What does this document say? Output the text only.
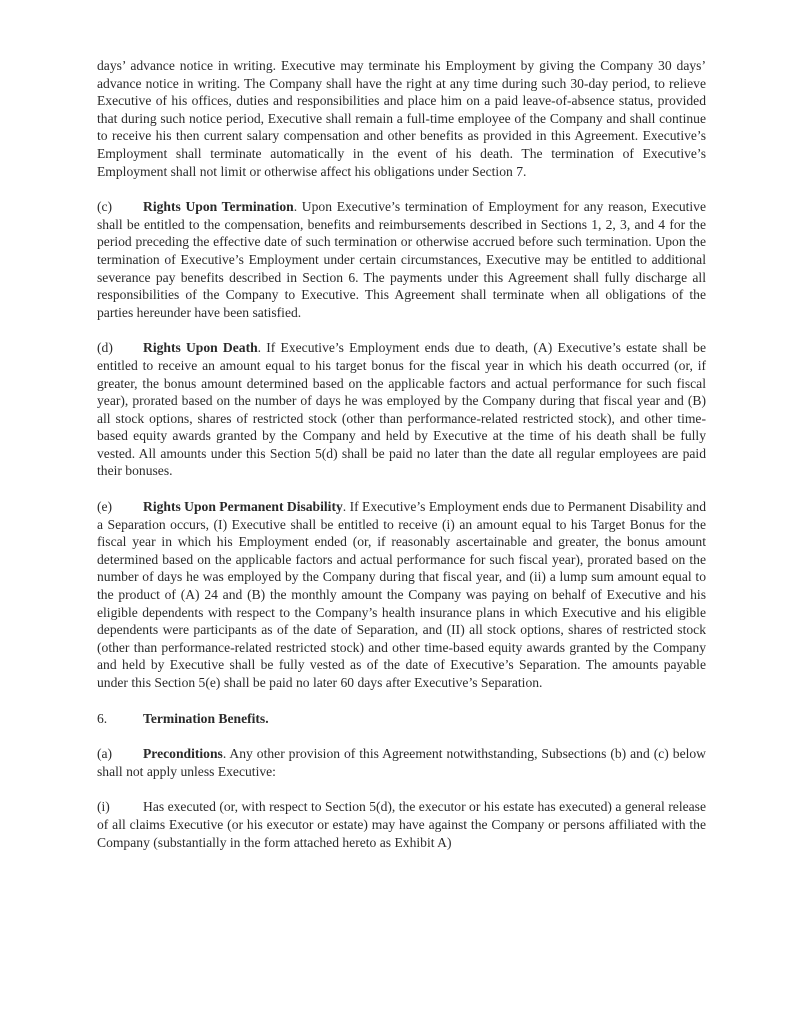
days’ advance notice in writing. Executive may terminate his Employment by giving the Company 30 days’ advance notice in writing. The Company shall have the right at any time during such 30-day period, to relieve Executive of his offices, duties and responsibilities and place him on a paid leave-of-absence status, provided that during such notice period, Executive shall remain a full-time employee of the Company and shall continue to receive his then current salary compensation and other benefits as provided in this Agreement. Executive’s Employment shall terminate automatically in the event of his death. The termination of Executive’s Employment shall not limit or otherwise affect his obligations under Section 7.

(c) Rights Upon Termination. Upon Executive’s termination of Employment for any reason, Executive shall be entitled to the compensation, benefits and reimbursements described in Sections 1, 2, 3, and 4 for the period preceding the effective date of such termination or otherwise accrued before such termination. Upon the termination of Executive’s Employment under certain circumstances, Executive may be entitled to additional severance pay benefits described in Section 6. The payments under this Agreement shall fully discharge all responsibilities of the Company to Executive. This Agreement shall terminate when all obligations of the parties hereunder have been satisfied.

(d) Rights Upon Death. If Executive’s Employment ends due to death, (A) Executive’s estate shall be entitled to receive an amount equal to his target bonus for the fiscal year in which his death occurred (or, if greater, the bonus amount determined based on the applicable factors and actual performance for such fiscal year), prorated based on the number of days he was employed by the Company during that fiscal year and (B) all stock options, shares of restricted stock (other than performance-related restricted stock), and other time-based equity awards granted by the Company and held by Executive at the time of his death shall be fully vested. All amounts under this Section 5(d) shall be paid no later than the date all regular employees are paid their bonuses.

(e) Rights Upon Permanent Disability. If Executive’s Employment ends due to Permanent Disability and a Separation occurs, (I) Executive shall be entitled to receive (i) an amount equal to his Target Bonus for the fiscal year in which his Employment ended (or, if reasonably ascertainable and greater, the bonus amount determined based on the applicable factors and actual performance for such fiscal year), prorated based on the number of days he was employed by the Company during that fiscal year, and (ii) a lump sum amount equal to the product of (A) 24 and (B) the monthly amount the Company was paying on behalf of Executive and his eligible dependents with respect to the Company’s health insurance plans in which Executive and his eligible dependents were participants as of the date of Separation, and (II) all stock options, shares of restricted stock (other than performance-related restricted stock) and other time-based equity awards granted by the Company and held by Executive shall be fully vested as of the date of Executive’s Separation. The amounts payable under this Section 5(e) shall be paid no later 60 days after Executive’s Separation.

6.	Termination Benefits.

(a) Preconditions. Any other provision of this Agreement notwithstanding, Subsections (b) and (c) below shall not apply unless Executive:

(i) Has executed (or, with respect to Section 5(d), the executor or his estate has executed) a general release of all claims Executive (or his executor or estate) may have against the Company or persons affiliated with the Company (substantially in the form attached hereto as Exhibit A)
